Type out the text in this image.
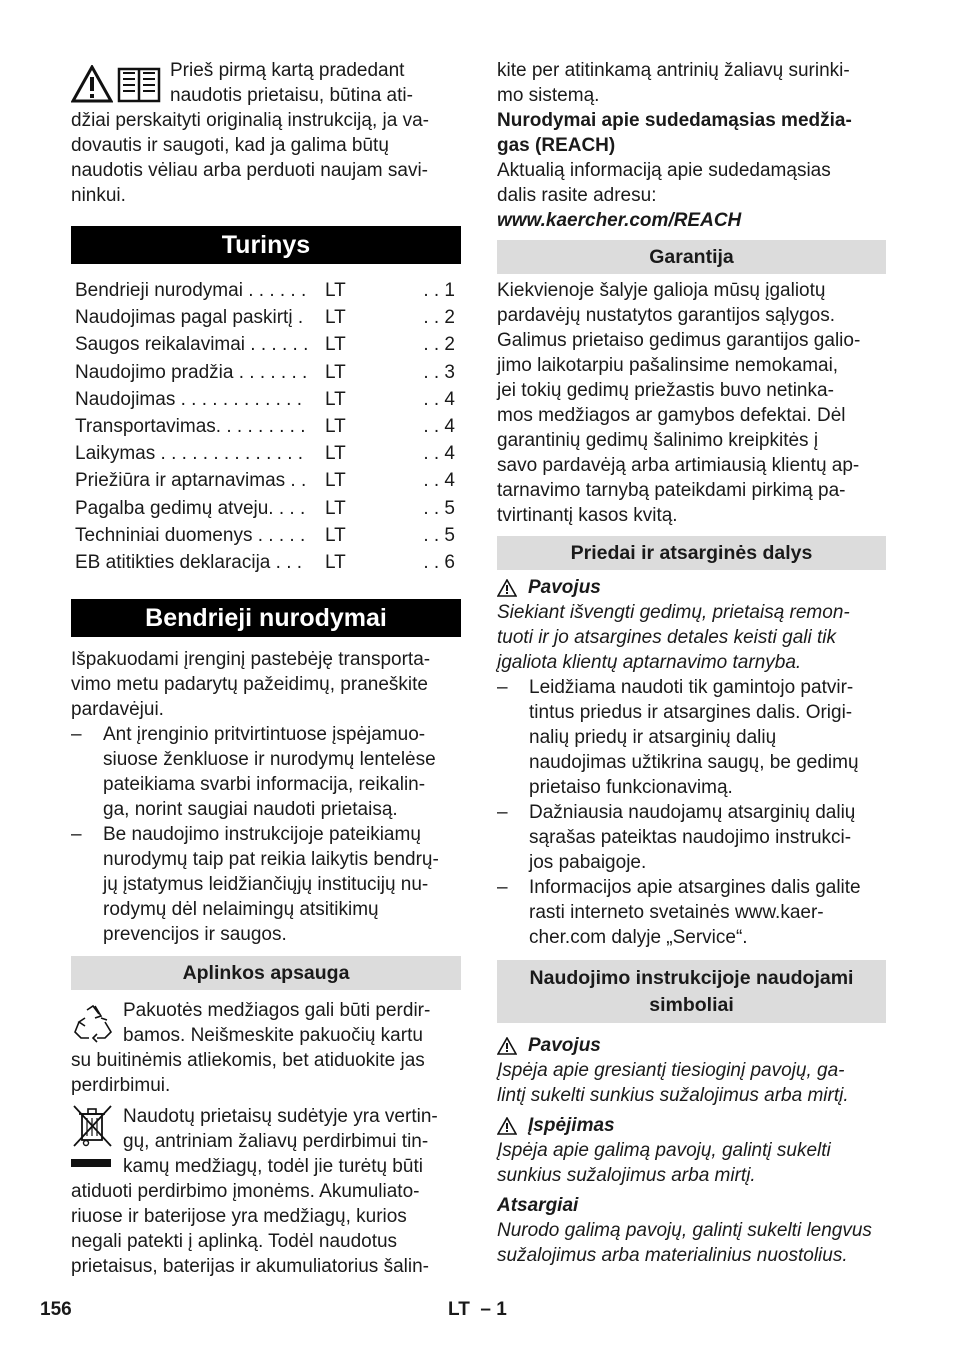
Prieš pirmą kartą pradedant

naudotis prietaisu, būtina ati-

džiai perskaityti originalią instrukciją, ja va-

dovautis ir saugoti, kad ja galima būtų

naudotis vėliau arba perduoti naujam savi-

ninkui.

Turinys
Bendrieji nurodymai . . . . . . LT	. . 1
Naudojimas pagal paskirtį .	LT	. . 2
Saugos reikalavimai . . . . . . LT	. . 2
Naudojimo pradžia . . . . . . . LT	. . 3
Naudojimas . . . . . . . . . . . .	LT	. . 4
Transportavimas. . . . . . . . .	LT	. . 4
Laikymas . . . . . . . . . . . . . .	LT	. . 4
Priežiūra ir aptarnavimas . . LT	. . 4
Pagalba gedimų atveju. . . .	LT	. . 5
Techniniai duomenys . . . . .	LT	. . 5
EB atitikties deklaracija . . .	LT	. . 6
Bendrieji nurodymai

Išpakuodami įrenginį pastebėję transporta-

vimo metu padarytų pažeidimų, praneškite

pardavėjui.

– Ant įrenginio pritvirtintuose įspėjamuo-

siuose ženkluose ir nurodymų lentelėse

pateikiama svarbi informacija, reikalin-

ga, norint saugiai naudoti prietaisą.

– Be naudojimo instrukcijoje pateikiamų

nurodymų taip pat reikia laikytis bendrų-

jų įstatymus leidžiančiųjų institucijų nu-

rodymų dėl nelaimingų atsitikimų

prevencijos ir saugos.

Aplinkos apsauga

Pakuotės medžiagos gali būti perdir-

bamos. Neišmeskite pakuočių kartu

su buitinėmis atliekomis, bet atiduokite jas

perdirbimui.

Naudotų prietaisų sudėtyje yra vertin-

gų, antriniam žaliavų perdirbimui tin-

kamų medžiagų, todėl jie turėtų būti

atiduoti perdirbimo įmonėms. Akumuliato-

riuose ir baterijose yra medžiagų, kurios

negali patekti į aplinką. Todėl naudotus

prietaisus, baterijas ir akumuliatorius šalin-

kite per atitinkamą antrinių žaliavų surinki-

mo sistemą.

Nurodymai apie sudedamąsias medžia-

gas (REACH)

Aktualią informaciją apie sudedamąsias

dalis rasite adresu:

www.kaercher.com/REACH

Garantija

Kiekvienoje šalyje galioja mūsų įgaliotų

pardavėjų nustatytos garantijos sąlygos.

Galimus prietaiso gedimus garantijos galio-

jimo laikotarpiu pašalinsime nemokamai,

jei tokių gedimų priežastis buvo netinka-

mos medžiagos ar gamybos defektai. Dėl

garantinių gedimų šalinimo kreipkitės į

savo pardavėją arba artimiausią klientų ap-

tarnavimo tarnybą pateikdami pirkimą pa-

tvirtinantį kasos kvitą.

Priedai ir atsarginės dalys
Pavojus

Siekiant išvengti gedimų, prietaisą remon-

tuoti ir jo atsargines detales keisti gali tik

įgaliota klientų aptarnavimo tarnyba.

– Leidžiama naudoti tik gamintojo patvir-

tintus priedus ir atsargines dalis. Origi-

nalių priedų ir atsarginių dalių

naudojimas užtikrina saugų, be gedimų

prietaiso funkcionavimą.

– Dažniausia naudojamų atsarginių dalių

sąrašas pateiktas naudojimo instrukci-

jos pabaigoje.

– Informacijos apie atsargines dalis galite

rasti interneto svetainės www.kaer-

cher.com dalyje „Service“.

Naudojimo instrukcijoje naudojami

simboliai

Pavojus

Įspėja apie gresiantį tiesioginį pavojų, ga-

lintį sukelti sunkius sužalojimus arba mirtį.

Įspėjimas

Įspėja apie galimą pavojų, galintį sukelti

sunkius sužalojimus arba mirtį.

Atsargiai

Nurodo galimą pavojų, galintį sukelti lengvus

sužalojimus arba materialinius nuostolius.

156	LT  – 1
